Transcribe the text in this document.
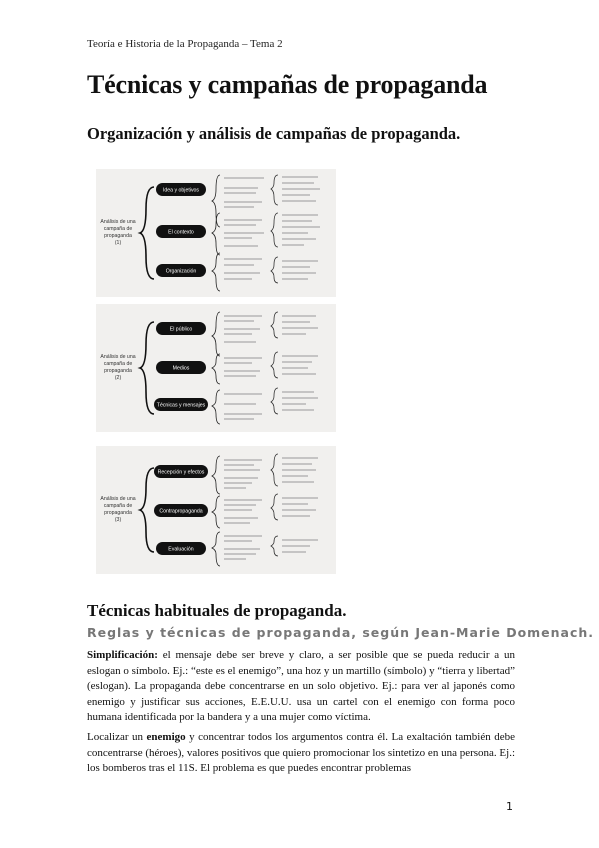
Teoría e Historia de la Propaganda – Tema 2
Técnicas y campañas de propaganda
Organización y análisis de campañas de propaganda.
Análisis de una
campaña de
propaganda
(1)
Idea y objetivos
El contexto
Organización
Análisis de una
campaña de
propaganda
(2)
El público
Medios
Técnicas y mensajes
Análisis de una
campaña de
propaganda
(3)
Recepción y efectos
Contrapropaganda
Evaluación
Técnicas habituales de propaganda.
Reglas y técnicas de propaganda, según Jean-Marie Domenach.

Simplificación: el mensaje debe ser breve y claro, a ser posible que se pueda reducir a un eslogan o símbolo. Ej.: “este es el enemigo”, una hoz y un martillo (símbolo) y “tierra y libertad” (eslogan). La propaganda debe concentrarse en un solo objetivo. Ej.: para ver al japonés como enemigo y justificar sus acciones, E.E.U.U. usa un cartel con el enemigo con forma poco humana identificada por la bandera y a una mujer como víctima.

Localizar un enemigo y concentrar todos los argumentos contra él. La exaltación también debe concentrarse (héroes), valores positivos que quiero promocionar los sintetizo en una persona. Ej.: los bomberos tras el 11S. El problema es que puedes encontrar problemas

1
